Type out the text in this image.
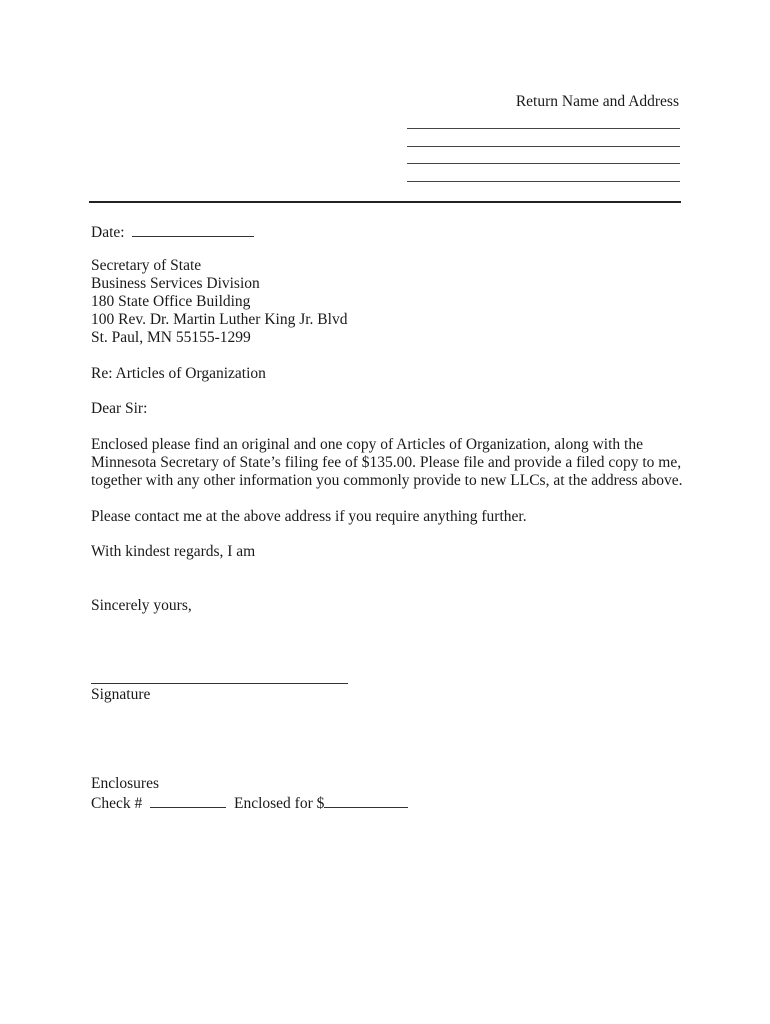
Return Name and Address
Date:
Secretary of State
Business Services Division
180 State Office Building
100 Rev. Dr. Martin Luther King Jr. Blvd
St. Paul, MN 55155-1299
Re: Articles of Organization
Dear Sir:
Enclosed please find an original and one copy of Articles of Organization, along with the
Minnesota Secretary of State’s filing fee of $135.00. Please file and provide a filed copy to me,
together with any other information you commonly provide to new LLCs, at the address above.
Please contact me at the above address if you require anything further.
With kindest regards, I am
Sincerely yours,
Signature
Enclosures
Check #	Enclosed for $
